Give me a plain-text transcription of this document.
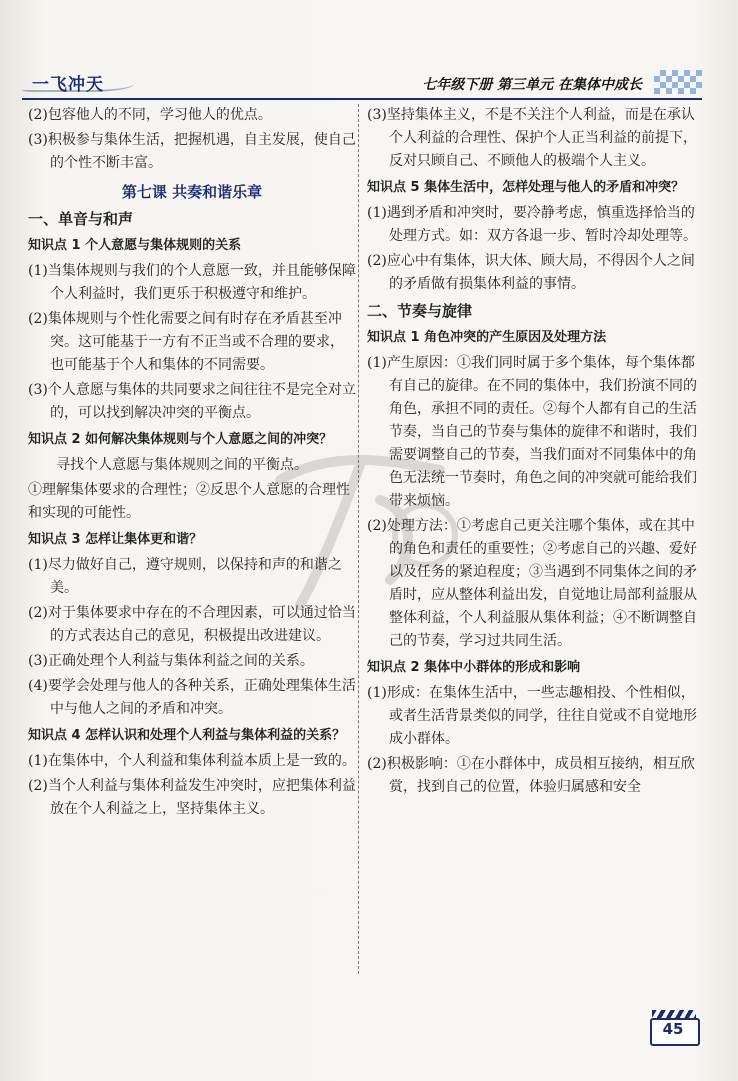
一飞冲天	七年级下册 第三单元 在集体中成长
(2)包容他人的不同，学习他人的优点。
(3)积极参与集体生活，把握机遇，自主发展，使自己的个性不断丰富。
第七课 共奏和谐乐章
一、单音与和声
知识点 1 个人意愿与集体规则的关系
(1)当集体规则与我们的个人意愿一致，并且能够保障个人利益时，我们更乐于积极遵守和维护。
(2)集体规则与个性化需要之间有时存在矛盾甚至冲突。这可能基于一方有不正当或不合理的要求，也可能基于个人和集体的不同需要。
(3)个人意愿与集体的共同要求之间往往不是完全对立的，可以找到解决冲突的平衡点。
知识点 2 如何解决集体规则与个人意愿之间的冲突？
寻找个人意愿与集体规则之间的平衡点。
①理解集体要求的合理性；②反思个人意愿的合理性和实现的可能性。
知识点 3 怎样让集体更和谐？
(1)尽力做好自己，遵守规则，以保持和声的和谐之美。
(2)对于集体要求中存在的不合理因素，可以通过恰当的方式表达自己的意见，积极提出改进建议。
(3)正确处理个人利益与集体利益之间的关系。
(4)要学会处理与他人的各种关系，正确处理集体生活中与他人之间的矛盾和冲突。
知识点 4 怎样认识和处理个人利益与集体利益的关系？
(1)在集体中，个人利益和集体利益本质上是一致的。
(2)当个人利益与集体利益发生冲突时，应把集体利益放在个人利益之上，坚持集体主义。
(3)坚持集体主义，不是不关注个人利益，而是在承认个人利益的合理性、保护个人正当利益的前提下，反对只顾自己、不顾他人的极端个人主义。
知识点 5 集体生活中，怎样处理与他人的矛盾和冲突？
(1)遇到矛盾和冲突时，要冷静考虑，慎重选择恰当的处理方式。如：双方各退一步、暂时冷却处理等。
(2)应心中有集体，识大体、顾大局，不得因个人之间的矛盾做有损集体利益的事情。
二、节奏与旋律
知识点 1 角色冲突的产生原因及处理方法
(1)产生原因：①我们同时属于多个集体，每个集体都有自己的旋律。在不同的集体中，我们扮演不同的角色，承担不同的责任。②每个人都有自己的生活节奏，当自己的节奏与集体的旋律不和谐时，我们需要调整自己的节奏，当我们面对不同集体中的角色无法统一节奏时，角色之间的冲突就可能给我们带来烦恼。
(2)处理方法：①考虑自己更关注哪个集体，或在其中的角色和责任的重要性；②考虑自己的兴趣、爱好以及任务的紧迫程度；③当遇到不同集体之间的矛盾时，应从整体利益出发，自觉地让局部利益服从整体利益，个人利益服从集体利益；④不断调整自己的节奏，学习过共同生活。
知识点 2 集体中小群体的形成和影响
(1)形成：在集体生活中，一些志趣相投、个性相似，或者生活背景类似的同学，往往自觉或不自觉地形成小群体。
(2)积极影响：①在小群体中，成员相互接纳，相互欣赏，找到自己的位置，体验归属感和安全
45
